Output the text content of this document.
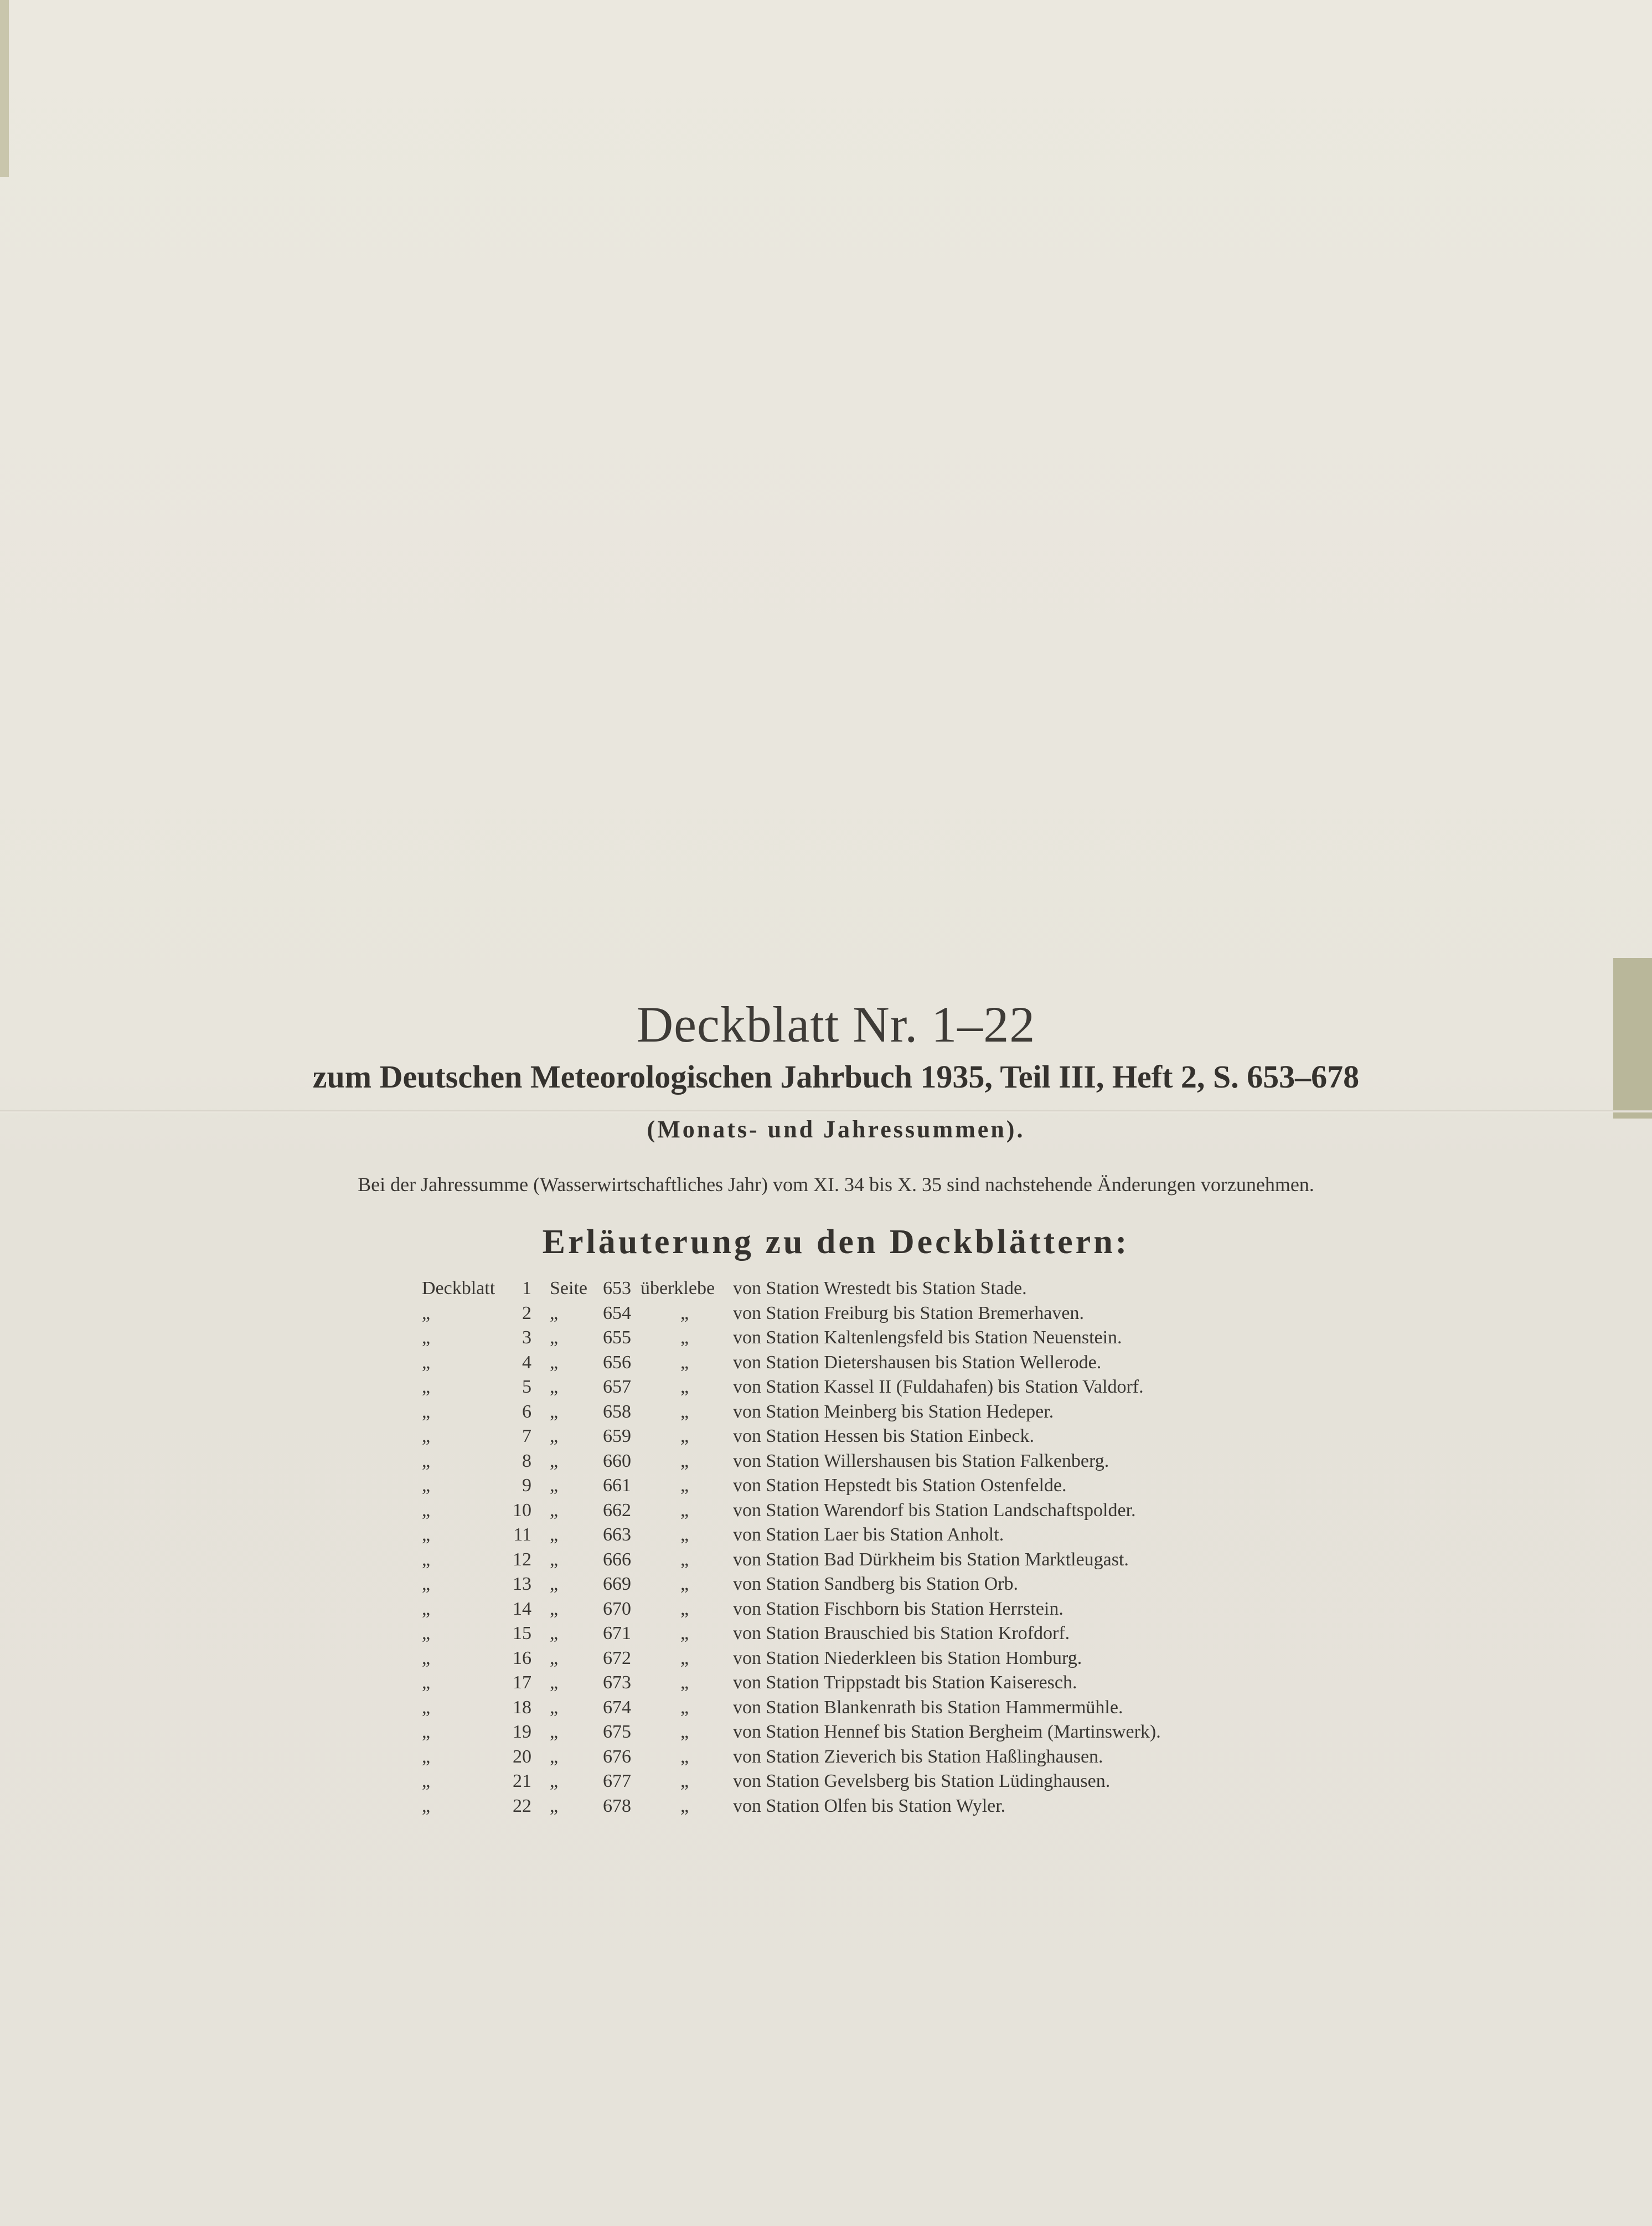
Deckblatt Nr. 1–22
zum Deutschen Meteorologischen Jahrbuch 1935, Teil III, Heft 2, S. 653–678
(Monats- und Jahressummen).
Bei der Jahressumme (Wasserwirtschaftliches Jahr) vom XI. 34 bis X. 35 sind nachstehende Änderungen vorzunehmen.
Erläuterung zu den Deckblättern:
Deckblatt	1 Seite 653 überklebe von Station Wrestedt bis Station Stade.
„	2 „ 654	„ von Station Freiburg bis Station Bremerhaven.
„	3 „ 655	„ von Station Kaltenlengsfeld bis Station Neuenstein.
„	4 „ 656	„ von Station Dietershausen bis Station Wellerode.
„	5 „ 657	„ von Station Kassel II (Fuldahafen) bis Station Valdorf.
„	6 „ 658	„ von Station Meinberg bis Station Hedeper.
„	7 „ 659	„ von Station Hessen bis Station Einbeck.
„	8 „ 660	„ von Station Willershausen bis Station Falkenberg.
„	9 „ 661	„ von Station Hepstedt bis Station Ostenfelde.
„	10 „ 662	„ von Station Warendorf bis Station Landschaftspolder.
„	11 „ 663	„ von Station Laer bis Station Anholt.
„	12 „ 666	„ von Station Bad Dürkheim bis Station Marktleugast.
„	13 „ 669	„ von Station Sandberg bis Station Orb.
„	14 „ 670	„ von Station Fischborn bis Station Herrstein.
„	15 „ 671	„ von Station Brauschied bis Station Krofdorf.
„	16 „ 672	„ von Station Niederkleen bis Station Homburg.
„	17 „ 673	„ von Station Trippstadt bis Station Kaiseresch.
„	18 „ 674	„ von Station Blankenrath bis Station Hammermühle.
„	19 „ 675	„ von Station Hennef bis Station Bergheim (Martinswerk).
„	20 „ 676	„ von Station Zieverich bis Station Haßlinghausen.
„	21 „ 677	„ von Station Gevelsberg bis Station Lüdinghausen.
„	22 „ 678	„ von Station Olfen bis Station Wyler.
